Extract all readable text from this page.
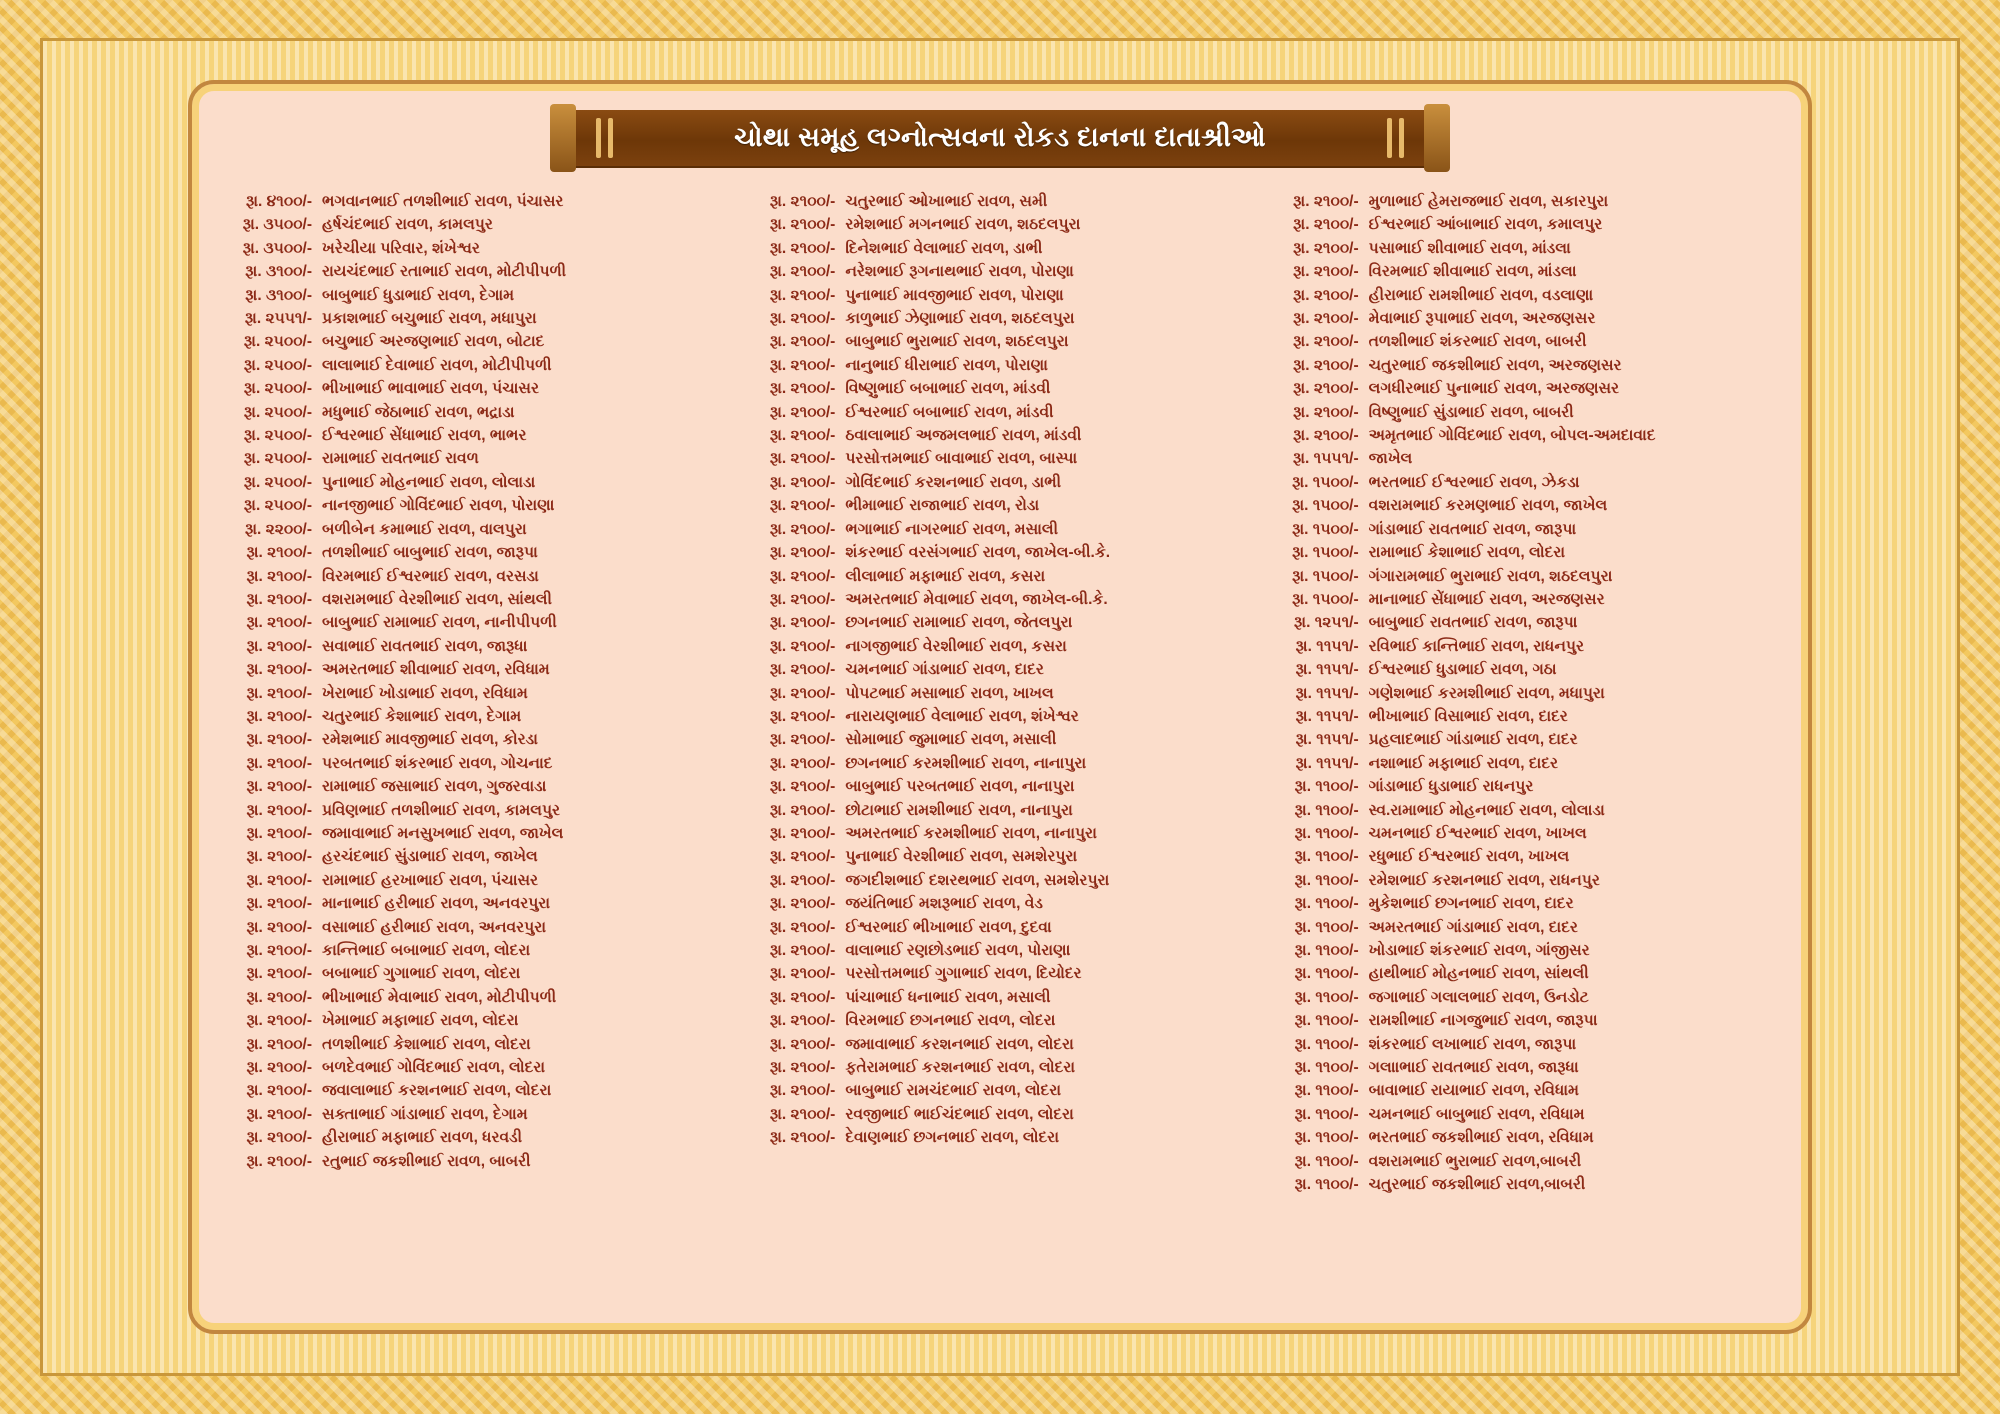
ચોથા સમૂહ લગ્નોત્સવના રોકડ દાનના દાતાશ્રીઓ
રૂા. ૪૧૦૦/- ભગવાનભાઈ તળશીભાઈ રાવળ, પંચાસર
રૂા. ૩૫૦૦/- હર્ષચંદભાઈ રાવળ, કામલપુર
રૂા. ૩૫૦૦/- ખરેચીયા પરિવાર, શંખેશ્વર
રૂા. ૩૧૦૦/- રાયચંદભાઈ રતાભાઈ રાવળ, મોટીપીપળી
રૂા. ૩૧૦૦/- બાબુભાઈ ધુડાભાઈ રાવળ, દેગામ
રૂા. ૨૫૫૧/- પ્રકાશભાઈ બચુભાઈ રાવળ, મધાપુરા
રૂા. ૨૫૦૦/- બચુભાઈ અરજણભાઈ રાવળ, બોટાદ
રૂા. ૨૫૦૦/- લાલાભાઈ દેવાભાઈ રાવળ, મોટીપીપળી
રૂા. ૨૫૦૦/- ભીખાભાઈ ભાવાભાઈ રાવળ, પંચાસર
રૂા. ૨૫૦૦/- મધુભાઈ જેઠાભાઈ રાવળ, ભદ્રાડા
રૂા. ૨૫૦૦/- ઈશ્વરભાઈ સેંધાભાઈ રાવળ, ભાભર
રૂા. ૨૫૦૦/- રામાભાઈ રાવતભાઈ રાવળ
રૂા. ૨૫૦૦/- પુનાભાઈ મોહનભાઈ રાવળ, લોલાડા
રૂા. ૨૫૦૦/- નાનજીભાઈ ગોવિંદભાઈ રાવળ, પોરાણા
રૂા. ૨૨૦૦/- બળીબેન કમાભાઈ રાવળ, વાલપુરા
રૂા. ૨૧૦૦/- તળશીભાઈ બાબુભાઈ રાવળ, જારૂપા
રૂા. ૨૧૦૦/- વિરમભાઈ ઈશ્વરભાઈ રાવળ, વરસડા
રૂા. ૨૧૦૦/- વશરામભાઈ વેરશીભાઈ રાવળ, સાંથલી
રૂા. ૨૧૦૦/- બાબુભાઈ રામાભાઈ રાવળ, નાનીપીપળી
રૂા. ૨૧૦૦/- સવાભાઈ રાવતભાઈ રાવળ, જારૂધા
રૂા. ૨૧૦૦/- અમરતભાઈ શીવાભાઈ રાવળ, રવિધામ
રૂા. ૨૧૦૦/- ખેરાભાઈ ખોડાભાઈ રાવળ, રવિધામ
રૂા. ૨૧૦૦/- ચતુરભાઈ કેશાભાઈ રાવળ, દેગામ
રૂા. ૨૧૦૦/- રમેશભાઈ માવજીભાઈ રાવળ, કોરડા
રૂા. ૨૧૦૦/- પરબતભાઈ શંકરભાઈ રાવળ, ગોચનાદ
રૂા. ૨૧૦૦/- રામાભાઈ જસાભાઈ રાવળ, ગુજરવાડા
રૂા. ૨૧૦૦/- પ્રવિણભાઈ તળશીભાઈ રાવળ, કામલપુર
રૂા. ૨૧૦૦/- જમાવાભાઈ મનસુખભાઈ રાવળ, જાખેલ
રૂા. ૨૧૦૦/- હરચંદભાઈ સુંડાભાઈ રાવળ, જાખેલ
રૂા. ૨૧૦૦/- રામાભાઈ હરખાભાઈ રાવળ, પંચાસર
રૂા. ૨૧૦૦/- માનાભાઈ હરીભાઈ રાવળ, અનવરપુરા
રૂા. ૨૧૦૦/- વસાભાઈ હરીભાઈ રાવળ, અનવરપુરા
રૂા. ૨૧૦૦/- કાન્તિભાઈ બબાભાઈ રાવળ, લોદરા
રૂા. ૨૧૦૦/- બબાભાઈ ગુગાભાઈ રાવળ, લોદરા
રૂા. ૨૧૦૦/- ભીખાભાઈ મેવાભાઈ રાવળ, મોટીપીપળી
રૂા. ૨૧૦૦/- ખેમાભાઈ મફાભાઈ રાવળ, લોદરા
રૂા. ૨૧૦૦/- તળશીભાઈ કેશાભાઈ રાવળ, લોદરા
રૂા. ૨૧૦૦/- બળદેવભાઈ ગોવિંદભાઈ રાવળ, લોદરા
રૂા. ૨૧૦૦/- જવાલાભાઈ કરશનભાઈ રાવળ, લોદરા
રૂા. ૨૧૦૦/- સક્તાભાઈ ગાંડાભાઈ રાવળ, દેગામ
રૂા. ૨૧૦૦/- હીરાભાઈ મફાભાઈ રાવળ, ધરવડી
રૂા. ૨૧૦૦/- રતુભાઈ જકશીભાઈ રાવળ, બાબરી
રૂા. ૨૧૦૦/- ચતુરભાઈ ઓખાભાઈ રાવળ, સમી
રૂા. ૨૧૦૦/- રમેશભાઈ મગનભાઈ રાવળ, શઠદલપુરા
રૂા. ૨૧૦૦/- દિનેશભાઈ વેલાભાઈ રાવળ, ડાભી
રૂા. ૨૧૦૦/- નરેશભાઈ રૂગનાથભાઈ રાવળ, પોરાણા
રૂા. ૨૧૦૦/- પુનાભાઈ માવજીભાઈ રાવળ, પોરાણા
રૂા. ૨૧૦૦/- કાળુભાઈ ઝેણાભાઈ રાવળ, શઠદલપુરા
રૂા. ૨૧૦૦/- બાબુભાઈ ભુરાભાઈ રાવળ, શઠદલપુરા
રૂા. ૨૧૦૦/- નાનુભાઈ ધીરાભાઈ રાવળ, પોરાણા
રૂા. ૨૧૦૦/- વિષ્ણુભાઈ બબાભાઈ રાવળ, માંડવી
રૂા. ૨૧૦૦/- ઈશ્વરભાઈ બબાભાઈ રાવળ, માંડવી
રૂા. ૨૧૦૦/- ઠવાલાભાઈ અજમલભાઈ રાવળ, માંડવી
રૂા. ૨૧૦૦/- પરસોત્તમભાઈ બાવાભાઈ રાવળ, બાસ્પા
રૂા. ૨૧૦૦/- ગોવિંદભાઈ કરશનભાઈ રાવળ, ડાભી
રૂા. ૨૧૦૦/- ભીમાભાઈ રાજાભાઈ રાવળ, રોડા
રૂા. ૨૧૦૦/- ભગાભાઈ નાગરભાઈ રાવળ, મસાલી
રૂા. ૨૧૦૦/- શંકરભાઈ વરસંગભાઈ રાવળ, જાખેલ-બી.કે.
રૂા. ૨૧૦૦/- લીલાભાઈ મફાભાઈ રાવળ, કસરા
રૂા. ૨૧૦૦/- અમરતભાઈ મેવાભાઈ રાવળ, જાખેલ-બી.કે.
રૂા. ૨૧૦૦/- છગનભાઈ રામાભાઈ રાવળ, જેતલપુરા
રૂા. ૨૧૦૦/- નાગજીભાઈ વેરશીભાઈ રાવળ, કસરા
રૂા. ૨૧૦૦/- ચમનભાઈ ગાંડાભાઈ રાવળ, દાદર
રૂા. ૨૧૦૦/- પોપટભાઈ મસાભાઈ રાવળ, ખાખલ
રૂા. ૨૧૦૦/- નારાયણભાઈ વેલાભાઈ રાવળ, શંખેશ્વર
રૂા. ૨૧૦૦/- સોમાભાઈ જુમાભાઈ રાવળ, મસાલી
રૂા. ૨૧૦૦/- છગનભાઈ કરમશીભાઈ રાવળ, નાનાપુરા
રૂા. ૨૧૦૦/- બાબુભાઈ પરબતભાઈ રાવળ, નાનાપુરા
રૂા. ૨૧૦૦/- છોટાભાઈ રામશીભાઈ રાવળ, નાનાપુરા
રૂા. ૨૧૦૦/- અમરતભાઈ કરમશીભાઈ રાવળ, નાનાપુરા
રૂા. ૨૧૦૦/- પુનાભાઈ વેરશીભાઈ રાવળ, સમશેરપુરા
રૂા. ૨૧૦૦/- જગદીશભાઈ દશરથભાઈ રાવળ, સમશેરપુરા
રૂા. ૨૧૦૦/- જયંતિભાઈ મશરૂભાઈ રાવળ, વેડ
રૂા. ૨૧૦૦/- ઈશ્વરભાઈ ભીખાભાઈ રાવળ, દુદવા
રૂા. ૨૧૦૦/- વાલાભાઈ રણછોડભાઈ રાવળ, પોરાણા
રૂા. ૨૧૦૦/- પરસોત્તમભાઈ ગુગાભાઈ રાવળ, દિયોદર
રૂા. ૨૧૦૦/- પાંચાભાઈ ધનાભાઈ રાવળ, મસાલી
રૂા. ૨૧૦૦/- વિરમભાઈ છગનભાઈ રાવળ, લોદરા
રૂા. ૨૧૦૦/- જમાવાભાઈ કરશનભાઈ રાવળ, લોદરા
રૂા. ૨૧૦૦/- ફતેરામભાઈ કરશનભાઈ રાવળ, લોદરા
રૂા. ૨૧૦૦/- બાબુભાઈ રામચંદભાઈ રાવળ, લોદરા
રૂા. ૨૧૦૦/- રવજીભાઈ ભાઈચંદભાઈ રાવળ, લોદરા
રૂા. ૨૧૦૦/- દેવાણભાઈ છગનભાઈ રાવળ, લોદરા
રૂા. ૨૧૦૦/- મુળાભાઈ હેમરાજભાઈ રાવળ, સકારપુરા
રૂા. ૨૧૦૦/- ઈશ્વરભાઈ આંબાભાઈ રાવળ, કમાલપુર
રૂા. ૨૧૦૦/- પસાભાઈ શીવાભાઈ રાવળ, માંડલા
રૂા. ૨૧૦૦/- વિરમભાઈ શીવાભાઈ રાવળ, માંડલા
રૂા. ૨૧૦૦/- હીરાભાઈ રામશીભાઈ રાવળ, વડલાણા
રૂા. ૨૧૦૦/- મેવાભાઈ રૂપાભાઈ રાવળ, અરજણસર
રૂા. ૨૧૦૦/- તળશીભાઈ શંકરભાઈ રાવળ, બાબરી
રૂા. ૨૧૦૦/- ચતુરભાઈ જકશીભાઈ રાવળ, અરજણસર
રૂા. ૨૧૦૦/- લગધીરભાઈ પુનાભાઈ રાવળ, અરજણસર
રૂા. ૨૧૦૦/- વિષ્ણુભાઈ સુંડાભાઈ રાવળ, બાબરી
રૂા. ૨૧૦૦/- અમૃતભાઈ ગોવિંદભાઈ રાવળ, બોપલ-અમદાવાદ
રૂા. ૧૫૫૧/- જાખેલ
રૂા. ૧૫૦૦/- ભરતભાઈ ઈશ્વરભાઈ રાવળ, ઝેકડા
રૂા. ૧૫૦૦/- વશરામભાઈ કરમણભાઈ રાવળ, જાખેલ
રૂા. ૧૫૦૦/- ગાંડાભાઈ રાવતભાઈ રાવળ, જારૂપા
રૂા. ૧૫૦૦/- રામાભાઈ કેશાભાઈ રાવળ, લોદરા
રૂા. ૧૫૦૦/- ગંગારામભાઈ ભુરાભાઈ રાવળ, શઠદલપુરા
રૂા. ૧૫૦૦/- માનાભાઈ સેંધાભાઈ રાવળ, અરજણસર
રૂા. ૧૨૫૧/- બાબુભાઈ રાવતભાઈ રાવળ, જારૂપા
રૂા. ૧૧૫૧/- રવિભાઈ કાન્તિભાઈ રાવળ, રાધનપુર
રૂા. ૧૧૫૧/- ઈશ્વરભાઈ ધુડાભાઈ રાવળ, ગઠા
રૂા. ૧૧૫૧/- ગણેશભાઈ કરમશીભાઈ રાવળ, મધાપુરા
રૂા. ૧૧૫૧/- ભીખાભાઈ વિસાભાઈ રાવળ, દાદર
રૂા. ૧૧૫૧/- પ્રહલાદભાઈ ગાંડાભાઈ રાવળ, દાદર
રૂા. ૧૧૫૧/- નશાભાઈ મફાભાઈ રાવળ, દાદર
રૂા. ૧૧૦૦/- ગાંડાભાઈ ધુડાભાઈ રાધનપુર
રૂા. ૧૧૦૦/- સ્વ.રામાભાઈ મોહનભાઈ રાવળ, લોલાડા
રૂા. ૧૧૦૦/- ચમનભાઈ ઈશ્વરભાઈ રાવળ, ખાખલ
રૂા. ૧૧૦૦/- રધુભાઈ ઈશ્વરભાઈ રાવળ, ખાખલ
રૂા. ૧૧૦૦/- રમેશભાઈ કરશનભાઈ રાવળ, રાધનપુર
રૂા. ૧૧૦૦/- મુકેશભાઈ છગનભાઈ રાવળ, દાદર
રૂા. ૧૧૦૦/- અમરતભાઈ ગાંડાભાઈ રાવળ, દાદર
રૂા. ૧૧૦૦/- ખોડાભાઈ શંકરભાઈ રાવળ, ગાંજીસર
રૂા. ૧૧૦૦/- હાથીભાઈ મોહનભાઈ રાવળ, સાંથલી
રૂા. ૧૧૦૦/- જગાભાઈ ગલાલભાઈ રાવળ, ઉનડોટ
રૂા. ૧૧૦૦/- રામશીભાઈ નાગજુભાઈ રાવળ, જારૂપા
રૂા. ૧૧૦૦/- શંકરભાઈ લખાભાઈ રાવળ, જારૂપા
રૂા. ૧૧૦૦/- ગલાાભાઈ રાવતભાઈ રાવળ, જારૂધા
રૂા. ૧૧૦૦/- બાવાભાઈ રાયાભાઈ રાવળ, રવિધામ
રૂા. ૧૧૦૦/- ચમનભાઈ બાબુભાઈ રાવળ, રવિધામ
રૂા. ૧૧૦૦/- ભરતભાઈ જકશીભાઈ રાવળ, રવિધામ
રૂા. ૧૧૦૦/- વશરામભાઈ ભુરાભાઈ રાવળ,બાબરી
રૂા. ૧૧૦૦/- ચતુરભાઈ જકશીભાઈ રાવળ,બાબરી
